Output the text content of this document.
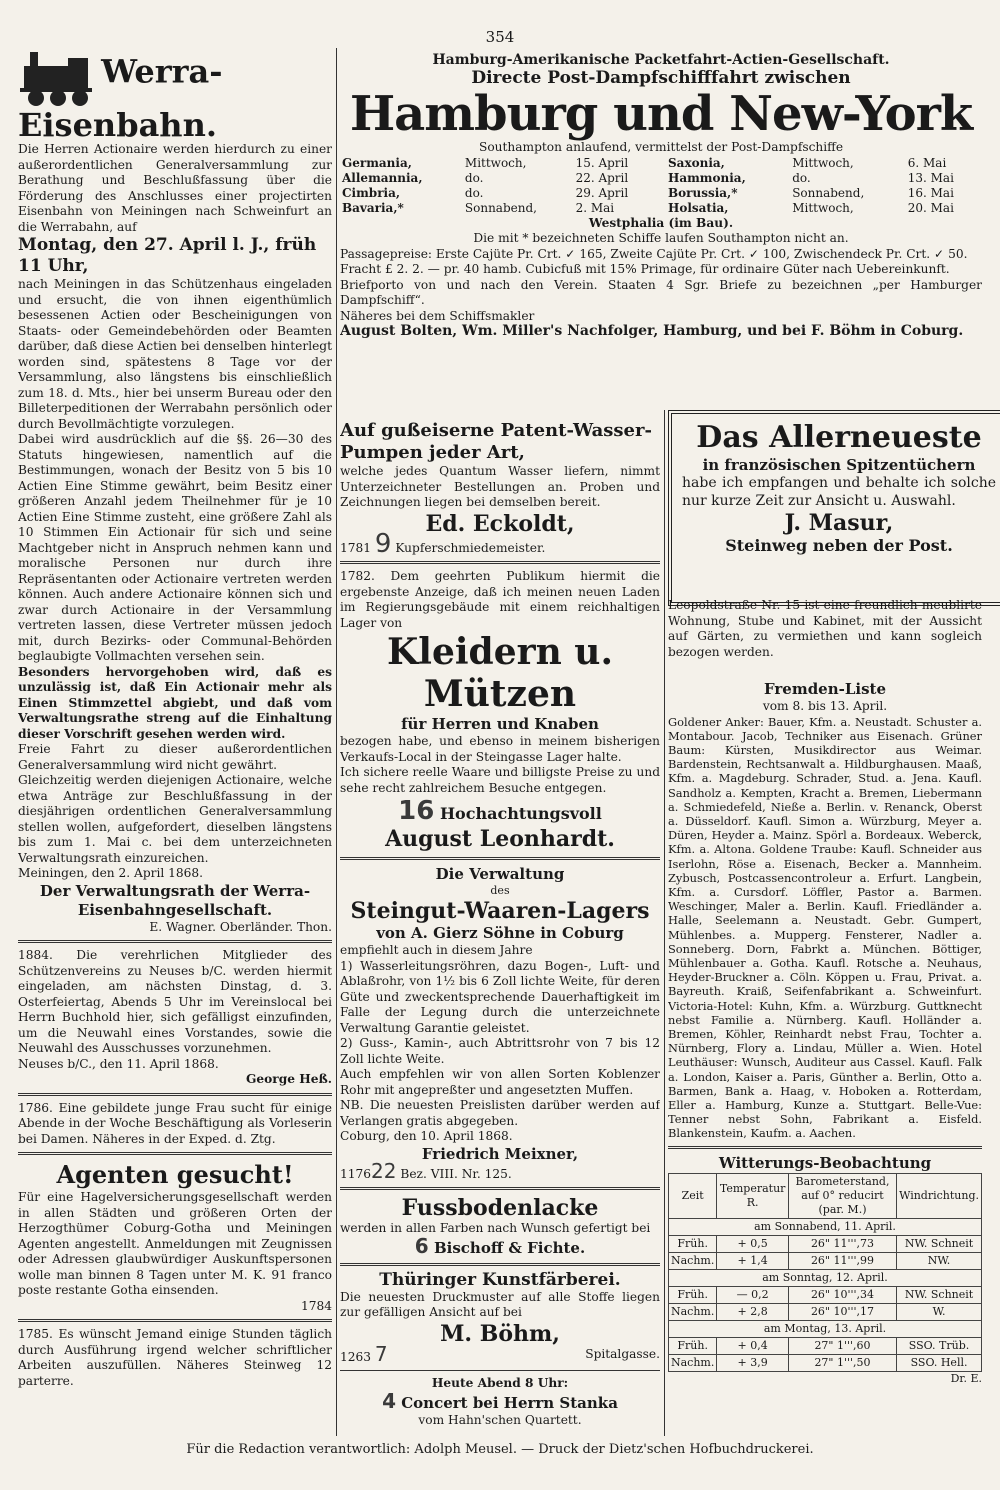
354
Werra-Eisenbahn.

Die Herren Actionaire werden hierdurch zu einer außerordentlichen Generalversammlung zur Berathung und Beschlußfassung über die Förderung des Anschlusses einer projectirten Eisenbahn von Meiningen nach Schweinfurt an die Werrabahn, auf

Montag, den 27. April l. J., früh 11 Uhr,

nach Meiningen in das Schützenhaus eingeladen und ersucht, die von ihnen eigenthümlich besessenen Actien oder Bescheinigungen von Staats- oder Gemeindebehörden oder Beamten darüber, daß diese Actien bei denselben hinterlegt worden sind, spätestens 8 Tage vor der Versammlung, also längstens bis einschließlich zum 18. d. Mts., hier bei unserm Bureau oder den Billeterpeditionen der Werrabahn persönlich oder durch Bevollmächtigte vorzulegen.

Dabei wird ausdrücklich auf die §§. 26—30 des Statuts hingewiesen, namentlich auf die Bestimmungen, wonach der Besitz von 5 bis 10 Actien Eine Stimme gewährt, beim Besitz einer größeren Anzahl jedem Theilnehmer für je 10 Actien Eine Stimme zusteht, eine größere Zahl als 10 Stimmen Ein Actionair für sich und seine Machtgeber nicht in Anspruch nehmen kann und moralische Personen nur durch ihre Repräsentanten oder Actionaire vertreten werden können. Auch andere Actionaire können sich und zwar durch Actionaire in der Versammlung vertreten lassen, diese Vertreter müssen jedoch mit, durch Bezirks- oder Communal-Behörden beglaubigte Vollmachten versehen sein.

Besonders hervorgehoben wird, daß es unzulässig ist, daß Ein Actionair mehr als Einen Stimmzettel abgiebt, und daß vom Verwaltungsrathe streng auf die Einhaltung dieser Vorschrift gesehen werden wird.

Freie Fahrt zu dieser außerordentlichen Generalversammlung wird nicht gewährt.

Gleichzeitig werden diejenigen Actionaire, welche etwa Anträge zur Beschlußfassung in der diesjährigen ordentlichen Generalversammlung stellen wollen, aufgefordert, dieselben längstens bis zum 1. Mai c. bei dem unterzeichneten Verwaltungsrath einzureichen.

Meiningen, den 2. April 1868.

Der Verwaltungsrath der Werra-Eisenbahngesellschaft.

E. Wagner. Oberländer. Thon.

1884. Die verehrlichen Mitglieder des Schützenvereins zu Neuses b/C. werden hiermit eingeladen, am nächsten Dinstag, d. 3. Osterfeiertag, Abends 5 Uhr im Vereinslocal bei Herrn Buchhold hier, sich gefälligst einzufinden, um die Neuwahl eines Vorstandes, sowie die Neuwahl des Ausschusses vorzunehmen.

Neuses b/C., den 11. April 1868.

George Heß.

1786. Eine gebildete junge Frau sucht für einige Abende in der Woche Beschäftigung als Vorleserin bei Damen. Näheres in der Exped. d. Ztg.

Agenten gesucht!

Für eine Hagelversicherungsgesellschaft werden in allen Städten und größeren Orten der Herzogthümer Coburg-Gotha und Meiningen Agenten angestellt. Anmeldungen mit Zeugnissen oder Adressen glaubwürdiger Auskunftspersonen wolle man binnen 8 Tagen unter M. K. 91 franco poste restante Gotha einsenden.

1784

1785. Es wünscht Jemand einige Stunden täglich durch Ausführung irgend welcher schriftlicher Arbeiten auszufüllen. Näheres Steinweg 12 parterre.

Hamburg-Amerikanische Packetfahrt-Actien-Gesellschaft.

Directe Post-Dampfschifffahrt zwischen

Hamburg und New-York

Southampton anlaufend, vermittelst der Post-Dampfschiffe

Germania,	Mittwoch,	15. April
Allemannia,	do.	22. April
Cimbria,	do.	29. April
Bavaria,*	Sonnabend,	2. Mai
Saxonia,	Mittwoch,	6. Mai
Hammonia,	do.	13. Mai
Borussia,*	Sonnabend,	16. Mai
Holsatia,	Mittwoch,	20. Mai

Westphalia (im Bau).

Die mit * bezeichneten Schiffe laufen Southampton nicht an.

Passagepreise: Erste Cajüte Pr. Crt. ✓ 165, Zweite Cajüte Pr. Crt. ✓ 100, Zwischendeck Pr. Crt. ✓ 50.

Fracht £ 2. 2. — pr. 40 hamb. Cubicfuß mit 15% Primage, für ordinaire Güter nach Uebereinkunft.

Briefporto von und nach den Verein. Staaten 4 Sgr. Briefe zu bezeichnen „per Hamburger Dampfschiff“.

Näheres bei dem Schiffsmakler

August Bolten, Wm. Miller's Nachfolger, Hamburg, und bei F. Böhm in Coburg.

Das Allerneueste

in französischen Spitzentüchern

habe ich empfangen und behalte ich solche nur kurze Zeit zur Ansicht u. Auswahl.

J. Masur,

Steinweg neben der Post.

Leopoldstraße Nr. 15 ist eine freundlich meublirte Wohnung, Stube und Kabinet, mit der Aussicht auf Gärten, zu vermiethen und kann sogleich bezogen werden.

Auf gußeiserne Patent-Wasser-Pumpen jeder Art,

welche jedes Quantum Wasser liefern, nimmt Unterzeichneter Bestellungen an. Proben und Zeichnungen liegen bei demselben bereit.

Ed. Eckoldt,

1781 9 Kupferschmiedemeister.

1782. Dem geehrten Publikum hiermit die ergebenste Anzeige, daß ich meinen neuen Laden im Regierungsgebäude mit einem reichhaltigen Lager von

Kleidern u. Mützen

für Herren und Knaben

bezogen habe, und ebenso in meinem bisherigen Verkaufs-Local in der Steingasse Lager halte.

Ich sichere reelle Waare und billigste Preise zu und sehe recht zahlreichem Besuche entgegen.

16 Hochachtungsvoll

August Leonhardt.

Die Verwaltung

des

Steingut-Waaren-Lagers

von A. Gierz Söhne in Coburg

empfiehlt auch in diesem Jahre

1) Wasserleitungsröhren, dazu Bogen-, Luft- und Ablaßrohr, von 1½ bis 6 Zoll lichte Weite, für deren Güte und zweckentsprechende Dauerhaftigkeit im Falle der Legung durch die unterzeichnete Verwaltung Garantie geleistet.

2) Guss-, Kamin-, auch Abtrittsrohr von 7 bis 12 Zoll lichte Weite.

Auch empfehlen wir von allen Sorten Koblenzer Rohr mit angepreßter und angesetzten Muffen.

NB. Die neuesten Preislisten darüber werden auf Verlangen gratis abgegeben.

Coburg, den 10. April 1868.

Friedrich Meixner,

117622 Bez. VIII. Nr. 125.

Fussbodenlacke

werden in allen Farben nach Wunsch gefertigt bei

6 Bischoff & Fichte.

Thüringer Kunstfärberei.

Die neuesten Druckmuster auf alle Stoffe liegen zur gefälligen Ansicht auf bei

M. Böhm,

1263 7	Spitalgasse.

Heute Abend 8 Uhr:

4 Concert bei Herrn Stanka

vom Hahn'schen Quartett.

Fremden-Liste

vom 8. bis 13. April.

Goldener Anker: Bauer, Kfm. a. Neustadt. Schuster a. Montabour. Jacob, Techniker aus Eisenach. Grüner Baum: Kürsten, Musikdirector aus Weimar. Bardenstein, Rechtsanwalt a. Hildburghausen. Maaß, Kfm. a. Magdeburg. Schrader, Stud. a. Jena. Kaufl. Sandholz a. Kempten, Kracht a. Bremen, Liebermann a. Schmiedefeld, Nieße a. Berlin. v. Renanck, Oberst a. Düsseldorf. Kaufl. Simon a. Würzburg, Meyer a. Düren, Heyder a. Mainz. Spörl a. Bordeaux. Weberck, Kfm. a. Altona. Goldene Traube: Kaufl. Schneider aus Iserlohn, Röse a. Eisenach, Becker a. Mannheim. Zybusch, Postcassencontroleur a. Erfurt. Langbein, Kfm. a. Cursdorf. Löffler, Pastor a. Barmen. Weschinger, Maler a. Berlin. Kaufl. Friedländer a. Halle, Seelemann a. Neustadt. Gebr. Gumpert, Mühlenbes. a. Mupperg. Fensterer, Nadler a. Sonneberg. Dorn, Fabrkt a. München. Böttiger, Mühlenbauer a. Gotha. Kaufl. Rotsche a. Neuhaus, Heyder-Bruckner a. Cöln. Köppen u. Frau, Privat. a. Bayreuth. Kraiß, Seifenfabrikant a. Schweinfurt. Victoria-Hotel: Kuhn, Kfm. a. Würzburg. Guttknecht nebst Familie a. Nürnberg. Kaufl. Holländer a. Bremen, Köhler, Reinhardt nebst Frau, Tochter a. Nürnberg, Flory a. Lindau, Müller a. Wien. Hotel Leuthäuser: Wunsch, Auditeur aus Cassel. Kaufl. Falk a. London, Kaiser a. Paris, Günther a. Berlin, Otto a. Barmen, Bank a. Haag, v. Hoboken a. Rotterdam, Eller a. Hamburg, Kunze a. Stuttgart. Belle-Vue: Tenner nebst Sohn, Fabrikant a. Eisfeld. Blankenstein, Kaufm. a. Aachen.

Witterungs-Beobachtung

Zeit	Temperatur R.	Barometerstand, auf 0° reducirt (par. M.)	Windrichtung.
am Sonnabend, 11. April.			
Früh.	+ 0,5	26" 11''',73	NW. Schneit
Nachm.	+ 1,4	26" 11''',99	NW.
am Sonntag, 12. April.			
Früh.	— 0,2	26" 10''',34	NW. Schneit
Nachm.	+ 2,8	26" 10''',17	W.
am Montag, 13. April.			
Früh.	+ 0,4	27" 1''',60	SSO. Trüb.
Nachm.	+ 3,9	27" 1''',50	SSO. Hell.

Dr. E.

Für die Redaction verantwortlich: Adolph Meusel. — Druck der Dietz'schen Hofbuchdruckerei.
